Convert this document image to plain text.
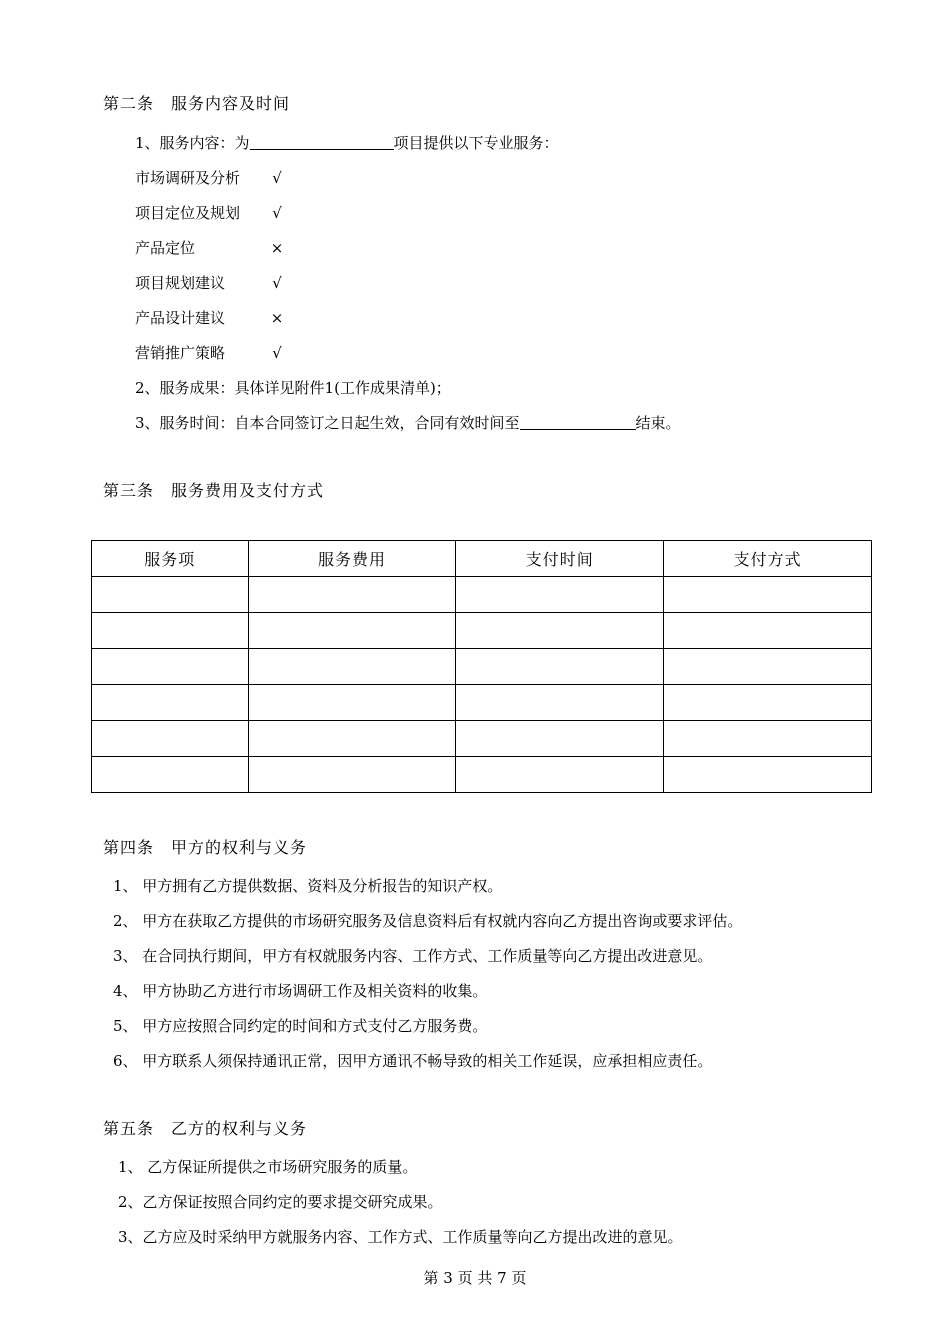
第二条　服务内容及时间
1、服务内容：为	项目提供以下专业服务：
市场调研及分析	√
项目定位及规划	√
产品定位	×
项目规划建议	√
产品设计建议	×
营销推广策略	√
2、服务成果：具体详见附件1(工作成果清单)；
3、服务时间：自本合同签订之日起生效，合同有效时间至	结束。
第三条　服务费用及支付方式
服务项	服务费用	支付时间	支付方式

第四条　甲方的权利与义务
1、 甲方拥有乙方提供数据、资料及分析报告的知识产权。
2、 甲方在获取乙方提供的市场研究服务及信息资料后有权就内容向乙方提出咨询或要求评估。
3、 在合同执行期间，甲方有权就服务内容、工作方式、工作质量等向乙方提出改进意见。
4、 甲方协助乙方进行市场调研工作及相关资料的收集。
5、 甲方应按照合同约定的时间和方式支付乙方服务费。
6、 甲方联系人须保持通讯正常，因甲方通讯不畅导致的相关工作延误，应承担相应责任。
第五条　乙方的权利与义务
1、 乙方保证所提供之市场研究服务的质量。
2、乙方保证按照合同约定的要求提交研究成果。
3、乙方应及时采纳甲方就服务内容、工作方式、工作质量等向乙方提出改进的意见。
第 3 页 共 7 页
